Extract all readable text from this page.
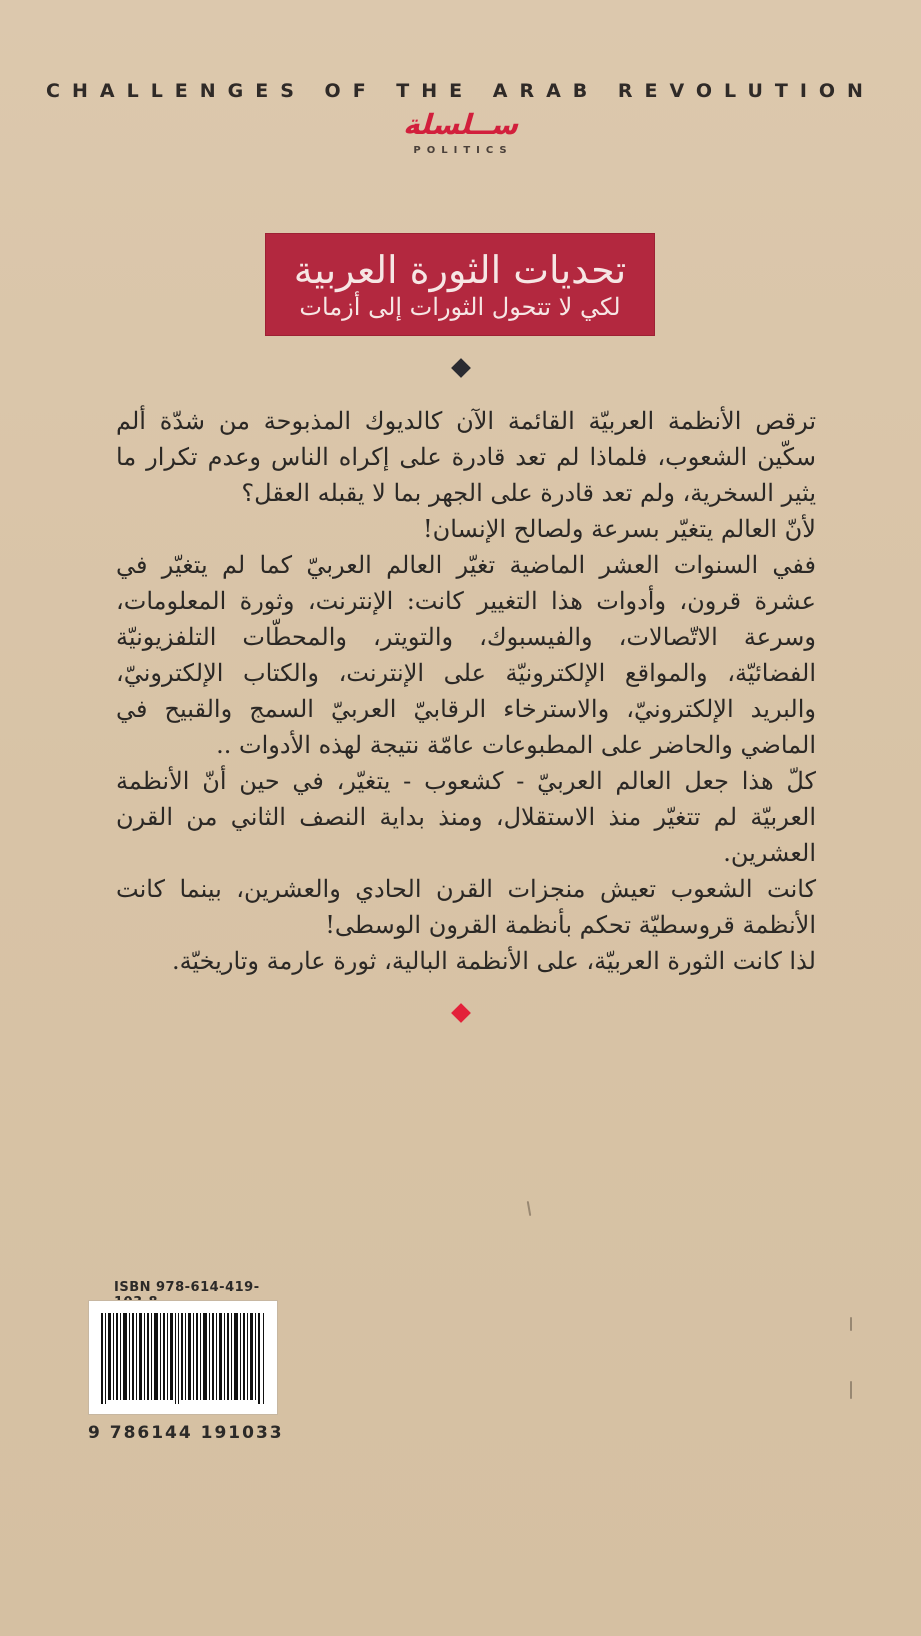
CHALLENGES OF THE ARAB REVOLUTION
ســلسلة
POLITICS
تحديات الثورة العربية
لكي لا تتحول الثورات إلى أزمات

ترقص الأنظمة العربيّة القائمة الآن كالديوك المذبوحة من شدّة ألم سكّين الشعوب، فلماذا لم تعد قادرة على إكراه الناس وعدم تكرار ما يثير السخرية، ولم تعد قادرة على الجهر بما لا يقبله العقل؟

لأنّ العالم يتغيّر بسرعة ولصالح الإنسان!

ففي السنوات العشر الماضية تغيّر العالم العربيّ كما لم يتغيّر في عشرة قرون، وأدوات هذا التغيير كانت: الإنترنت، وثورة المعلومات، وسرعة الاتّصالات، والفيسبوك، والتويتر، والمحطّات التلفزيونيّة الفضائيّة، والمواقع الإلكترونيّة على الإنترنت، والكتاب الإلكترونيّ، والبريد الإلكترونيّ، والاسترخاء الرقابيّ العربيّ السمج والقبيح في الماضي والحاضر على المطبوعات عامّة نتيجة لهذه الأدوات ..

كلّ هذا جعل العالم العربيّ - كشعوب - يتغيّر، في حين أنّ الأنظمة العربيّة لم تتغيّر منذ الاستقلال، ومنذ بداية النصف الثاني من القرن العشرين.

كانت الشعوب تعيش منجزات القرن الحادي والعشرين، بينما كانت الأنظمة قروسطيّة تحكم بأنظمة القرون الوسطى!

لذا كانت الثورة العربيّة، على الأنظمة البالية، ثورة عارمة وتاريخيّة.

ISBN 978-614-419-
9 786144 191033
